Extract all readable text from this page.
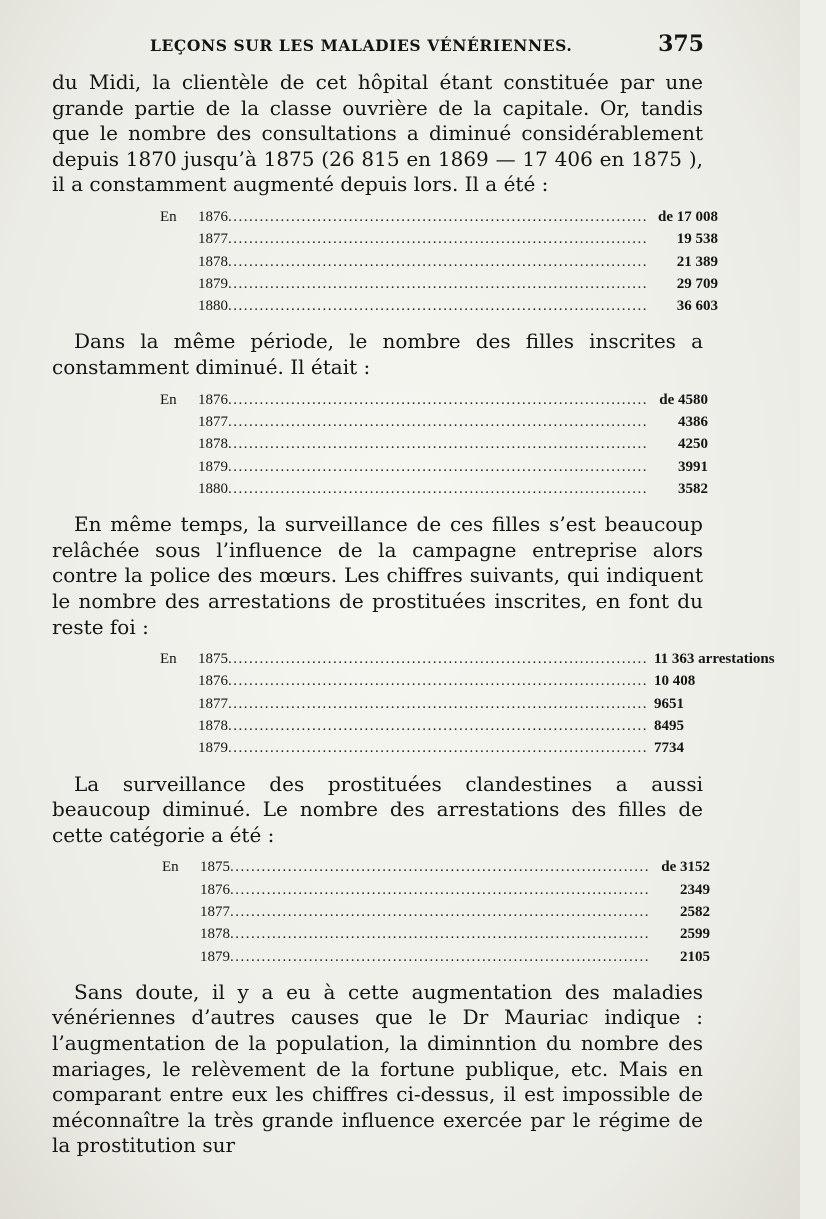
LEÇONS SUR LES MALADIES VÉNÉRIENNES.	375

du Midi, la clientèle de cet hôpital étant constituée par une grande partie de la classe ouvrière de la capitale. Or, tandis que le nombre des consultations a diminué considérablement depuis 1870 jusqu’à 1875 (26 815 en 1869 — 17 406 en 1875 ), il a constamment augmenté depuis lors. Il a été :

En	1876 ................................................................................ de 17 008
1877 ................................................................................	19 538
1878 ................................................................................	21 389
1879 ................................................................................	29 709
1880 ................................................................................	36 603

Dans la même période, le nombre des filles inscrites a constamment diminué. Il était :

En	1876 ................................................................................ de 4580
1877 ................................................................................	4386
1878 ................................................................................	4250
1879 ................................................................................	3991
1880 ................................................................................	3582

En même temps, la surveillance de ces filles s’est beaucoup relâchée sous l’influence de la campagne entreprise alors contre la police des mœurs. Les chiffres suivants, qui indiquent le nombre des arrestations de prostituées inscrites, en font du reste foi :

En	1875 ................................................................................ 11 363 arrestations
1876 ................................................................................ 10 408
1877 ................................................................................ 9651
1878 ................................................................................ 8495
1879 ................................................................................ 7734

La surveillance des prostituées clandestines a aussi beaucoup diminué. Le nombre des arrestations des filles de cette catégorie a été :

En	1875 ................................................................................ de 3152
1876 ................................................................................	2349
1877 ................................................................................	2582
1878 ................................................................................	2599
1879 ................................................................................	2105

Sans doute, il y a eu à cette augmentation des maladies vénériennes d’autres causes que le Dr Mauriac indique : l’augmentation de la population, la diminntion du nombre des mariages, le relèvement de la fortune publique, etc. Mais en comparant entre eux les chiffres ci-dessus, il est impossible de méconnaître la très grande influence exercée par le régime de la prostitution sur
